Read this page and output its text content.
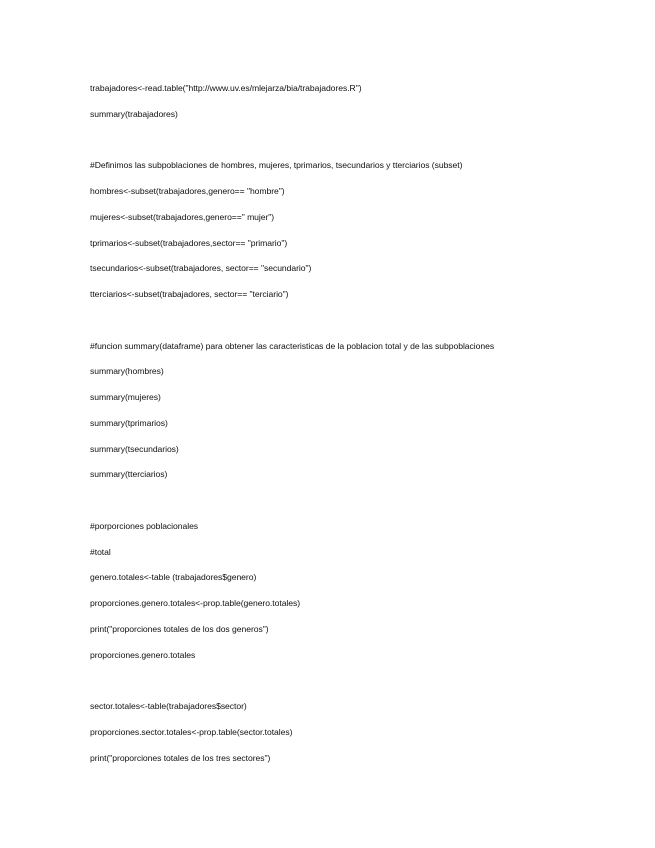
trabajadores<-read.table("http://www.uv.es/mlejarza/bia/trabajadores.R")
summary(trabajadores)
#Definimos las subpoblaciones de hombres, mujeres, tprimarios, tsecundarios y tterciarios (subset)
hombres<-subset(trabajadores,genero== "hombre")
mujeres<-subset(trabajadores,genero==" mujer")
tprimarios<-subset(trabajadores,sector== "primario")
tsecundarios<-subset(trabajadores, sector== "secundario")
tterciarios<-subset(trabajadores, sector== "terciario")
#funcion summary(dataframe) para obtener las caracteristicas de la poblacion total y de las subpoblaciones
summary(hombres)
summary(mujeres)
summary(tprimarios)
summary(tsecundarios)
summary(tterciarios)
#porporciones poblacionales
#total
genero.totales<-table (trabajadores$genero)
proporciones.genero.totales<-prop.table(genero.totales)
print("proporciones totales de los dos generos")
proporciones.genero.totales
sector.totales<-table(trabajadores$sector)
proporciones.sector.totales<-prop.table(sector.totales)
print("proporciones totales de los tres sectores")
